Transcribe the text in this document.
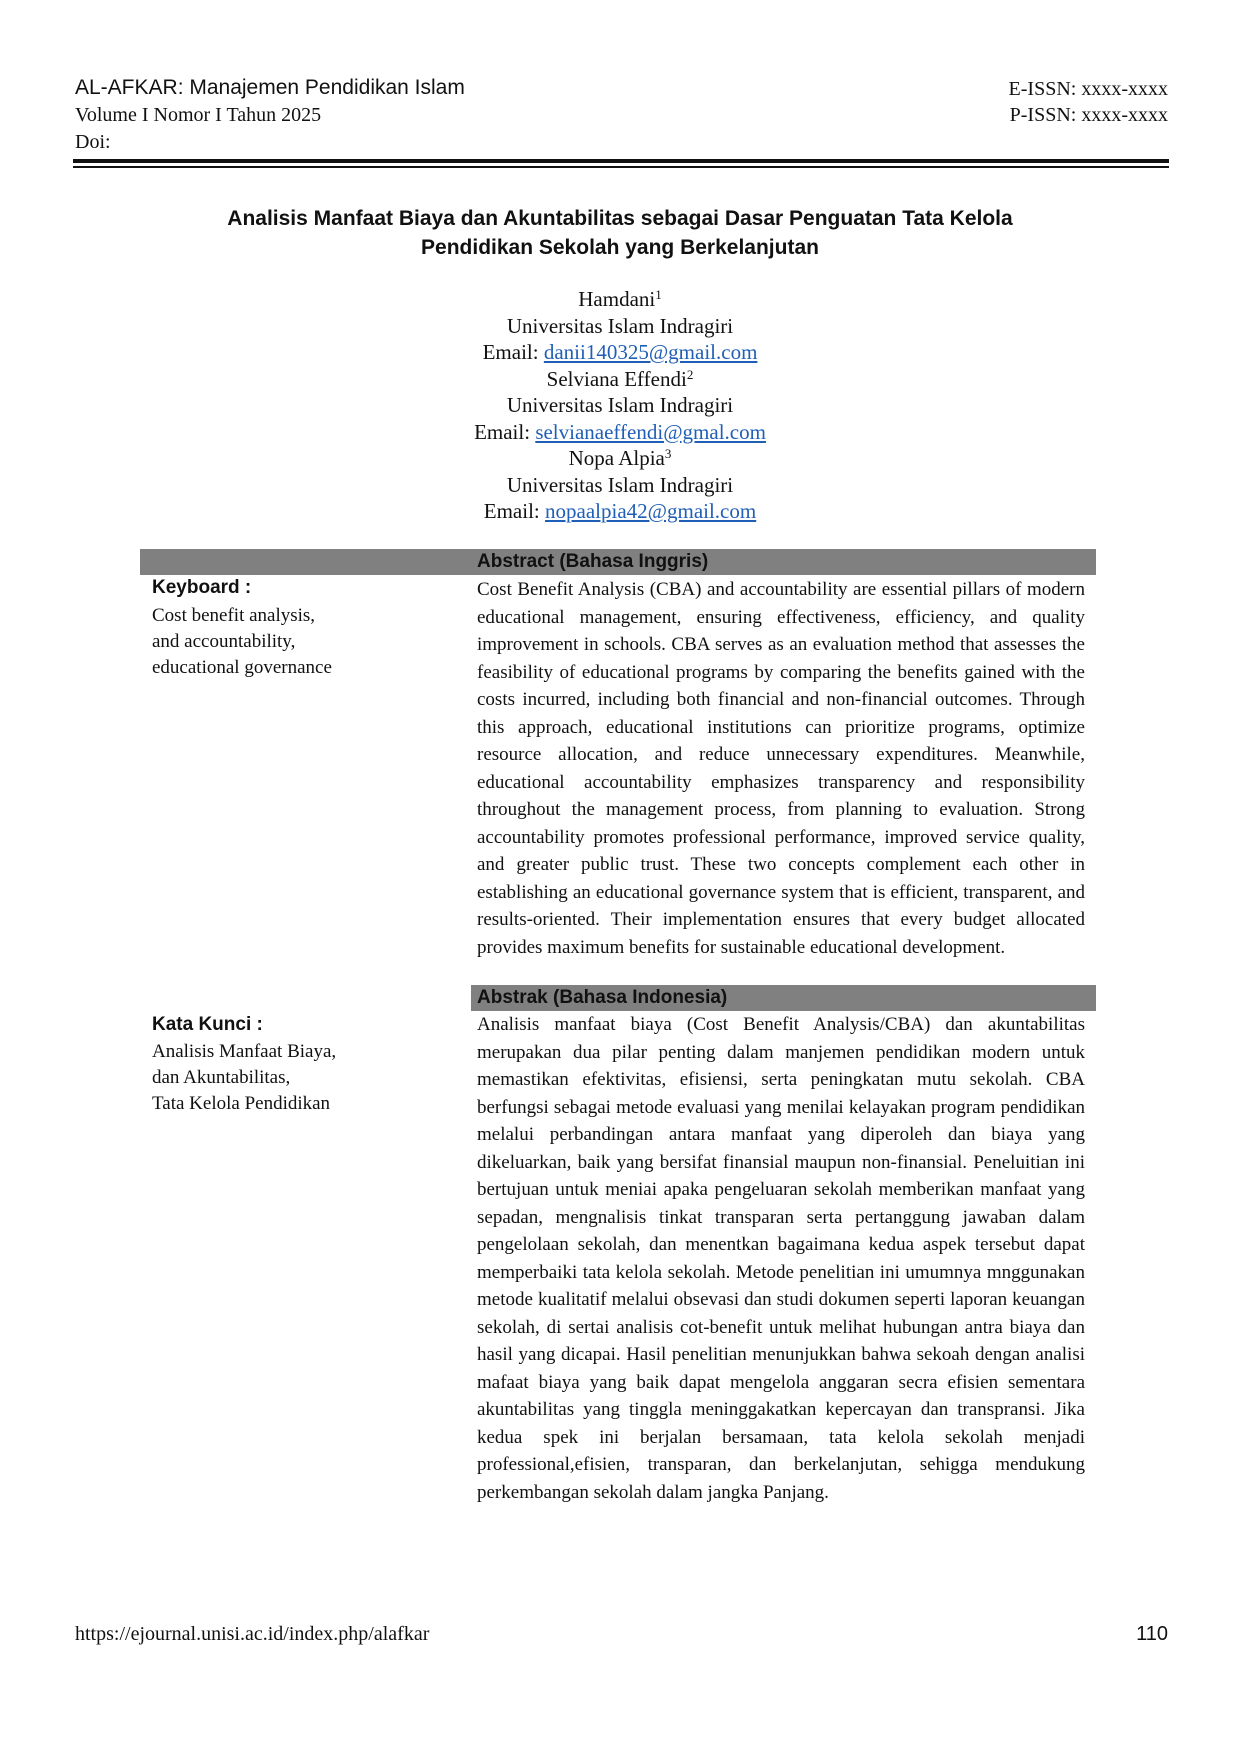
AL-AFKAR: Manajemen Pendidikan Islam
Volume I Nomor I Tahun 2025
Doi:
E-ISSN: xxxx-xxxx
P-ISSN: xxxx-xxxx
Analisis Manfaat Biaya dan Akuntabilitas sebagai Dasar Penguatan Tata Kelola
Pendidikan Sekolah yang Berkelanjutan
Hamdani$^1$
Universitas Islam Indragiri
Email: danii140325@gmail.com
Selviana Effendi$^2$
Universitas Islam Indragiri
Email: selvianaeffendi@gmal.com
Nopa Alpia$^3$
Universitas Islam Indragiri
Email: nopaalpia42@gmail.com
Abstract (Bahasa Inggris)
Keyboard :
Cost benefit analysis,
and accountability,
educational governance
Cost Benefit Analysis (CBA) and accountability are essential pillars of modern educational management, ensuring effectiveness, efficiency, and quality improvement in schools. CBA serves as an evaluation method that assesses the feasibility of educational programs by comparing the benefits gained with the costs incurred, including both financial and non-financial outcomes. Through this approach, educational institutions can prioritize programs, optimize resource allocation, and reduce unnecessary expenditures. Meanwhile, educational accountability emphasizes transparency and responsibility throughout the management process, from planning to evaluation. Strong accountability promotes professional performance, improved service quality, and greater public trust. These two concepts complement each other in establishing an educational governance system that is efficient, transparent, and results-oriented. Their implementation ensures that every budget allocated provides maximum benefits for sustainable educational development.
Abstrak (Bahasa Indonesia)
Kata Kunci :
Analisis Manfaat Biaya,
dan Akuntabilitas,
Tata Kelola Pendidikan
Analisis manfaat biaya (Cost Benefit Analysis/CBA) dan akuntabilitas merupakan dua pilar penting dalam manjemen pendidikan modern untuk memastikan efektivitas, efisiensi, serta peningkatan mutu sekolah. CBA berfungsi sebagai metode evaluasi yang menilai kelayakan program pendidikan melalui perbandingan antara manfaat yang diperoleh dan biaya yang dikeluarkan, baik yang bersifat finansial maupun non-finansial. Peneluitian ini bertujuan untuk meniai apaka pengeluaran sekolah memberikan manfaat yang sepadan, mengnalisis tinkat transparan serta pertanggung jawaban dalam pengelolaan sekolah, dan menentkan bagaimana kedua aspek tersebut dapat memperbaiki tata kelola sekolah. Metode penelitian ini umumnya mnggunakan metode kualitatif melalui obsevasi dan studi dokumen seperti laporan keuangan sekolah, di sertai analisis cot-benefit untuk melihat hubungan antra biaya dan hasil yang dicapai. Hasil penelitian menunjukkan bahwa sekoah dengan analisi mafaat biaya yang baik dapat mengelola anggaran secra efisien sementara akuntabilitas yang tinggla meninggakatkan kepercayan dan transpransi. Jika kedua spek ini berjalan bersamaan, tata kelola sekolah menjadi professional,efisien, transparan, dan berkelanjutan, sehigga mendukung perkembangan sekolah dalam jangka Panjang.
https://ejournal.unisi.ac.id/index.php/alafkar	110
